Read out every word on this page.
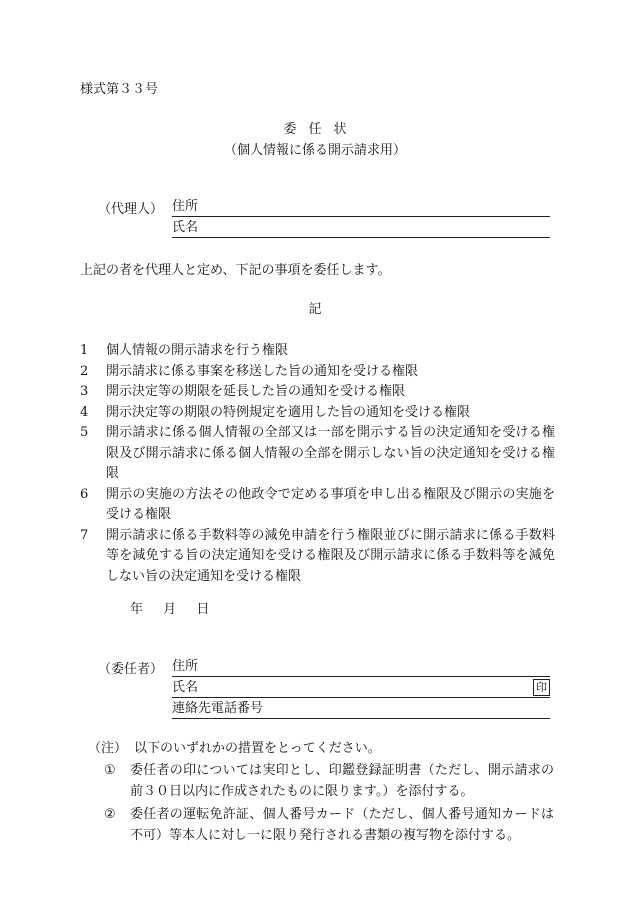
様式第３３号
委任状
（個人情報に係る開示請求用）
（代理人） 住所
氏名
上記の者を代理人と定め、下記の事項を委任します。
記
1	個人情報の開示請求を行う権限
2	開示請求に係る事案を移送した旨の通知を受ける権限
3	開示決定等の期限を延長した旨の通知を受ける権限
4	開示決定等の期限の特例規定を適用した旨の通知を受ける権限
5	開示請求に係る個人情報の全部又は一部を開示する旨の決定通知を受ける権限及び開示請求に係る個人情報の全部を開示しない旨の決定通知を受ける権限
6	開示の実施の方法その他政令で定める事項を申し出る権限及び開示の実施を受ける権限
7	開示請求に係る手数料等の減免申請を行う権限並びに開示請求に係る手数料等を減免する旨の決定通知を受ける権限及び開示請求に係る手数料等を減免しない旨の決定通知を受ける権限
年 月 日
（委任者） 住所
氏名	印
連絡先電話番号
（注） 以下のいずれかの措置をとってください。
①	委任者の印については実印とし、印鑑登録証明書（ただし、開示請求の前３０日以内に作成されたものに限ります。）を添付する。
②	委任者の運転免許証、個人番号カード（ただし、個人番号通知カードは不可）等本人に対し一に限り発行される書類の複写物を添付する。
